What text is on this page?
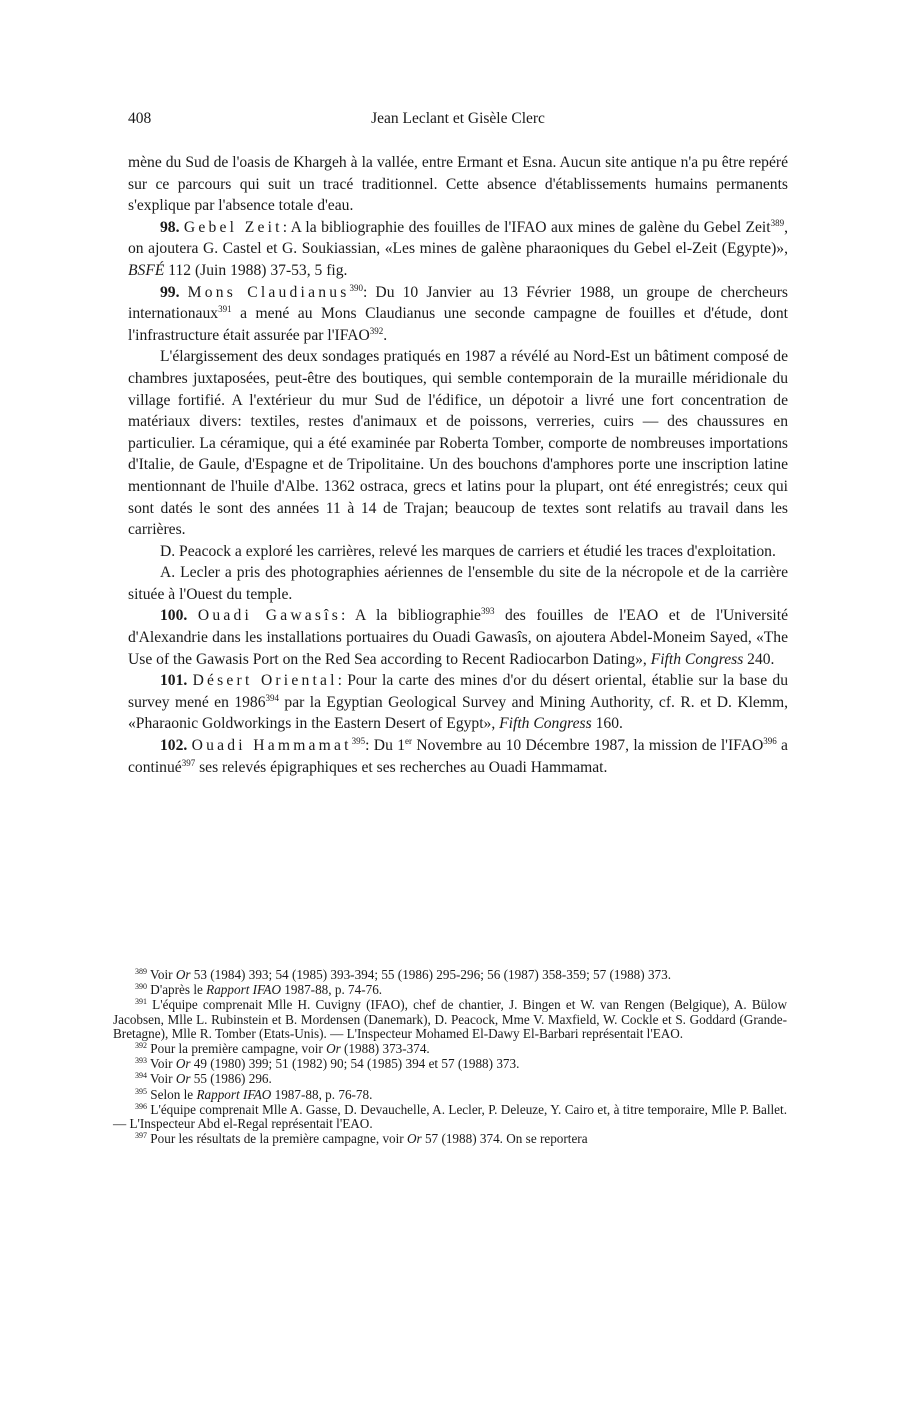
408	Jean Leclant et Gisèle Clerc

mène du Sud de l'oasis de Khargeh à la vallée, entre Ermant et Esna. Aucun site antique n'a pu être repéré sur ce parcours qui suit un tracé traditionnel. Cette absence d'établissements humains permanents s'explique par l'absence totale d'eau.

98. Gebel Zeit: A la bibliographie des fouilles de l'IFAO aux mines de galène du Gebel Zeit$^{389}$, on ajoutera G. Castel et G. Soukiassian, «Les mines de galène pharaoniques du Gebel el-Zeit (Egypte)», BSFÉ 112 (Juin 1988) 37-53, 5 fig.

99. Mons Claudianus$^{390}$: Du 10 Janvier au 13 Février 1988, un groupe de chercheurs internationaux$^{391}$ a mené au Mons Claudianus une seconde campagne de fouilles et d'étude, dont l'infrastructure était assurée par l'IFAO$^{392}$.

L'élargissement des deux sondages pratiqués en 1987 a révélé au Nord-Est un bâtiment composé de chambres juxtaposées, peut-être des boutiques, qui semble contemporain de la muraille méridionale du village fortifié. A l'extérieur du mur Sud de l'édifice, un dépotoir a livré une fort concentration de matériaux divers: textiles, restes d'animaux et de poissons, verreries, cuirs — des chaussures en particulier. La céramique, qui a été examinée par Roberta Tomber, comporte de nombreuses importations d'Italie, de Gaule, d'Espagne et de Tripolitaine. Un des bouchons d'amphores porte une inscription latine mentionnant de l'huile d'Albe. 1362 ostraca, grecs et latins pour la plupart, ont été enregistrés; ceux qui sont datés le sont des années 11 à 14 de Trajan; beaucoup de textes sont relatifs au travail dans les carrières.

D. Peacock a exploré les carrières, relevé les marques de carriers et étudié les traces d'exploitation.

A. Lecler a pris des photographies aériennes de l'ensemble du site de la nécropole et de la carrière située à l'Ouest du temple.

100. Ouadi Gawasîs: A la bibliographie$^{393}$ des fouilles de l'EAO et de l'Université d'Alexandrie dans les installations portuaires du Ouadi Gawasîs, on ajoutera Abdel-Moneim Sayed, «The Use of the Gawasis Port on the Red Sea according to Recent Radiocarbon Dating», Fifth Congress 240.

101. Désert Oriental: Pour la carte des mines d'or du désert oriental, établie sur la base du survey mené en 1986$^{394}$ par la Egyptian Geological Survey and Mining Authority, cf. R. et D. Klemm, «Pharaonic Goldworkings in the Eastern Desert of Egypt», Fifth Congress 160.

102. Ouadi Hammamat$^{395}$: Du 1er Novembre au 10 Décembre 1987, la mission de l'IFAO$^{396}$ a continué$^{397}$ ses relevés épigraphiques et ses recherches au Ouadi Hammamat.

$^{389}$ Voir Or 53 (1984) 393; 54 (1985) 393-394; 55 (1986) 295-296; 56 (1987) 358-359; 57 (1988) 373.

$^{390}$ D'après le Rapport IFAO 1987-88, p. 74-76.

$^{391}$ L'équipe comprenait Mlle H. Cuvigny (IFAO), chef de chantier, J. Bingen et W. van Rengen (Belgique), A. Bülow Jacobsen, Mlle L. Rubinstein et B. Mordensen (Danemark), D. Peacock, Mme V. Maxfield, W. Cockle et S. Goddard (Grande-Bretagne), Mlle R. Tomber (Etats-Unis). — L'Inspecteur Mohamed El-Dawy El-Barbari représentait l'EAO.

$^{392}$ Pour la première campagne, voir Or (1988) 373-374.

$^{393}$ Voir Or 49 (1980) 399; 51 (1982) 90; 54 (1985) 394 et 57 (1988) 373.

$^{394}$ Voir Or 55 (1986) 296.

$^{395}$ Selon le Rapport IFAO 1987-88, p. 76-78.

$^{396}$ L'équipe comprenait Mlle A. Gasse, D. Devauchelle, A. Lecler, P. Deleuze, Y. Cairo et, à titre temporaire, Mlle P. Ballet. — L'Inspecteur Abd el-Regal représentait l'EAO.

$^{397}$ Pour les résultats de la première campagne, voir Or 57 (1988) 374. On se reportera
